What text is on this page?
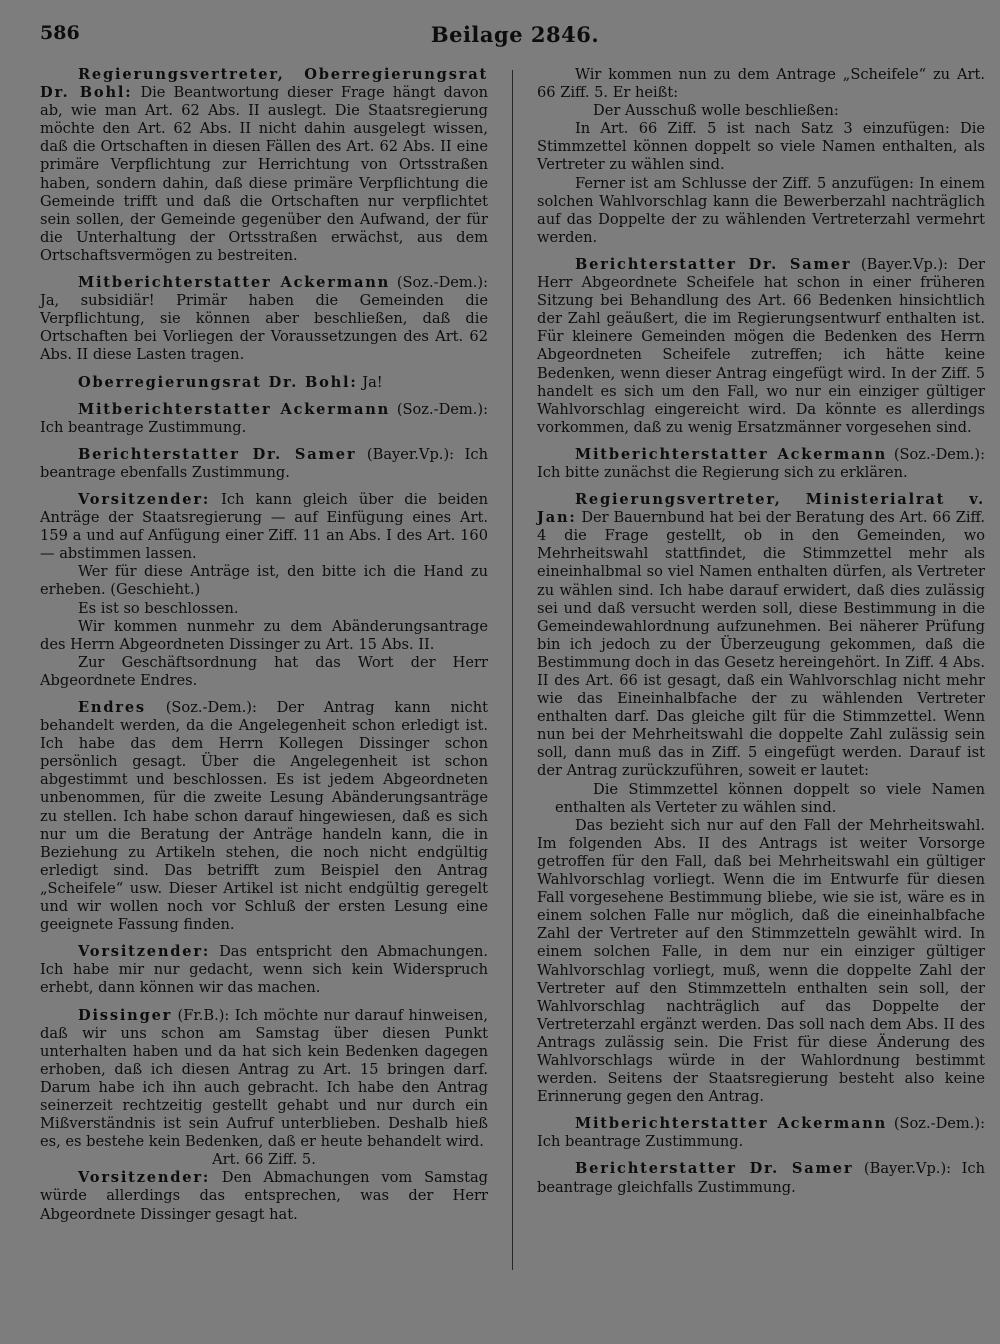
586	Beilage 2846.

Regierungsvertreter, Oberregierungsrat Dr. Bohl: Die Beantwortung dieser Frage hängt davon ab, wie man Art. 62 Abs. II auslegt. Die Staatsregierung möchte den Art. 62 Abs. II nicht dahin ausgelegt wissen, daß die Ortschaften in diesen Fällen des Art. 62 Abs. II eine primäre Verpflichtung zur Herrichtung von Ortsstraßen haben, sondern dahin, daß diese primäre Verpflichtung die Gemeinde trifft und daß die Ortschaften nur verpflichtet sein sollen, der Gemeinde gegenüber den Aufwand, der für die Unterhaltung der Ortsstraßen erwächst, aus dem Ortschaftsvermögen zu bestreiten.

Mitberichterstatter Ackermann (Soz.-Dem.): Ja, subsidiär! Primär haben die Gemeinden die Verpflichtung, sie können aber beschließen, daß die Ortschaften bei Vorliegen der Voraussetzungen des Art. 62 Abs. II diese Lasten tragen.

Oberregierungsrat Dr. Bohl: Ja!

Mitberichterstatter Ackermann (Soz.-Dem.): Ich beantrage Zustimmung.

Berichterstatter Dr. Samer (Bayer.Vp.): Ich beantrage ebenfalls Zustimmung.

Vorsitzender: Ich kann gleich über die beiden Anträge der Staatsregierung — auf Einfügung eines Art. 159 a und auf Anfügung einer Ziff. 11 an Abs. I des Art. 160 — abstimmen lassen.

Wer für diese Anträge ist, den bitte ich die Hand zu erheben. (Geschieht.)

Es ist so beschlossen.

Wir kommen nunmehr zu dem Abänderungsantrage des Herrn Abgeordneten Dissinger zu Art. 15 Abs. II.

Zur Geschäftsordnung hat das Wort der Herr Abgeordnete Endres.

Endres (Soz.-Dem.): Der Antrag kann nicht behandelt werden, da die Angelegenheit schon erledigt ist. Ich habe das dem Herrn Kollegen Dissinger schon persönlich gesagt. Über die Angelegenheit ist schon abgestimmt und beschlossen. Es ist jedem Abgeordneten unbenommen, für die zweite Lesung Abänderungsanträge zu stellen. Ich habe schon darauf hingewiesen, daß es sich nur um die Beratung der Anträge handeln kann, die in Beziehung zu Artikeln stehen, die noch nicht endgültig erledigt sind. Das betrifft zum Beispiel den Antrag „Scheifele“ usw. Dieser Artikel ist nicht endgültig geregelt und wir wollen noch vor Schluß der ersten Lesung eine geeignete Fassung finden.

Vorsitzender: Das entspricht den Abmachungen. Ich habe mir nur gedacht, wenn sich kein Widerspruch erhebt, dann können wir das machen.

Dissinger (Fr.B.): Ich möchte nur darauf hinweisen, daß wir uns schon am Samstag über diesen Punkt unterhalten haben und da hat sich kein Bedenken dagegen erhoben, daß ich diesen Antrag zu Art. 15 bringen darf. Darum habe ich ihn auch gebracht. Ich habe den Antrag seinerzeit rechtzeitig gestellt gehabt und nur durch ein Mißverständnis ist sein Aufruf unterblieben. Deshalb hieß es, es bestehe kein Bedenken, daß er heute behandelt wird.

Art. 66 Ziff. 5.

Vorsitzender: Den Abmachungen vom Samstag würde allerdings das entsprechen, was der Herr Abgeordnete Dissinger gesagt hat.

Wir kommen nun zu dem Antrage „Scheifele“ zu Art. 66 Ziff. 5. Er heißt:

Der Ausschuß wolle beschließen:

In Art. 66 Ziff. 5 ist nach Satz 3 einzufügen: Die Stimmzettel können doppelt so viele Namen enthalten, als Vertreter zu wählen sind.

Ferner ist am Schlusse der Ziff. 5 anzufügen: In einem solchen Wahlvorschlag kann die Bewerberzahl nachträglich auf das Doppelte der zu wählenden Vertreterzahl vermehrt werden.

Berichterstatter Dr. Samer (Bayer.Vp.): Der Herr Abgeordnete Scheifele hat schon in einer früheren Sitzung bei Behandlung des Art. 66 Bedenken hinsichtlich der Zahl geäußert, die im Regierungsentwurf enthalten ist. Für kleinere Gemeinden mögen die Bedenken des Herrn Abgeordneten Scheifele zutreffen; ich hätte keine Bedenken, wenn dieser Antrag eingefügt wird. In der Ziff. 5 handelt es sich um den Fall, wo nur ein einziger gültiger Wahlvorschlag eingereicht wird. Da könnte es allerdings vorkommen, daß zu wenig Ersatzmänner vorgesehen sind.

Mitberichterstatter Ackermann (Soz.-Dem.): Ich bitte zunächst die Regierung sich zu erklären.

Regierungsvertreter, Ministerialrat v. Jan: Der Bauernbund hat bei der Beratung des Art. 66 Ziff. 4 die Frage gestellt, ob in den Gemeinden, wo Mehrheitswahl stattfindet, die Stimmzettel mehr als eineinhalbmal so viel Namen enthalten dürfen, als Vertreter zu wählen sind. Ich habe darauf erwidert, daß dies zulässig sei und daß versucht werden soll, diese Bestimmung in die Gemeindewahlordnung aufzunehmen. Bei näherer Prüfung bin ich jedoch zu der Überzeugung gekommen, daß die Bestimmung doch in das Gesetz hereingehört. In Ziff. 4 Abs. II des Art. 66 ist gesagt, daß ein Wahlvorschlag nicht mehr wie das Eineinhalbfache der zu wählenden Vertreter enthalten darf. Das gleiche gilt für die Stimmzettel. Wenn nun bei der Mehrheitswahl die doppelte Zahl zulässig sein soll, dann muß das in Ziff. 5 eingefügt werden. Darauf ist der Antrag zurückzuführen, soweit er lautet:

Die Stimmzettel können doppelt so viele Namen enthalten als Verteter zu wählen sind.

Das bezieht sich nur auf den Fall der Mehrheitswahl. Im folgenden Abs. II des Antrags ist weiter Vorsorge getroffen für den Fall, daß bei Mehrheitswahl ein gültiger Wahlvorschlag vorliegt. Wenn die im Entwurfe für diesen Fall vorgesehene Bestimmung bliebe, wie sie ist, wäre es in einem solchen Falle nur möglich, daß die eineinhalbfache Zahl der Vertreter auf den Stimmzetteln gewählt wird. In einem solchen Falle, in dem nur ein einziger gültiger Wahlvorschlag vorliegt, muß, wenn die doppelte Zahl der Vertreter auf den Stimmzetteln enthalten sein soll, der Wahlvorschlag nachträglich auf das Doppelte der Vertreterzahl ergänzt werden. Das soll nach dem Abs. II des Antrags zulässig sein. Die Frist für diese Änderung des Wahlvorschlags würde in der Wahlordnung bestimmt werden. Seitens der Staatsregierung besteht also keine Erinnerung gegen den Antrag.

Mitberichterstatter Ackermann (Soz.-Dem.): Ich beantrage Zustimmung.

Berichterstatter Dr. Samer (Bayer.Vp.): Ich beantrage gleichfalls Zustimmung.
